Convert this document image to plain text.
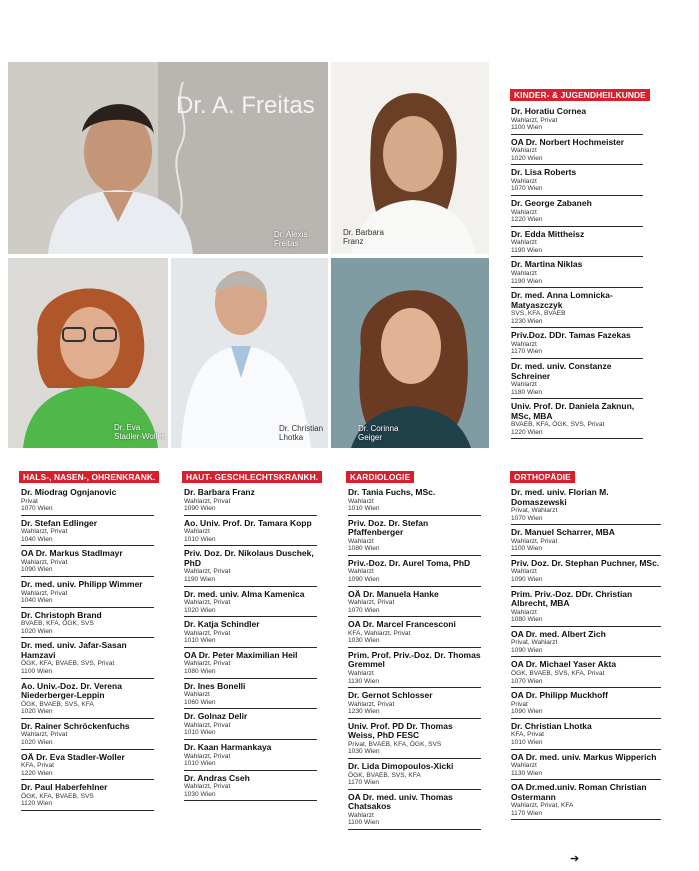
Dr. A. Freitas
Dr. Alexis
Freitas
Dr. Barbara
Franz
Dr. Eva
Stadler-Woller
Dr. Christian
Lhotka
Dr. Corinna
Geiger
KINDER- & JUGENDHEILKUNDE
Dr. Horatiu Cornea
Wahlarzt, Privat
1100 Wien
OA Dr. Norbert Hochmeister
Wahlarzt
1020 Wien
Dr. Lisa Roberts
Wahlarzt
1070 Wien
Dr. George Zabaneh
Wahlarzt
1220 Wien
Dr. Edda Mittheisz
Wahlarzt
1190 Wien
Dr. Martina Niklas
Wahlarzt
1190 Wien
Dr. med. Anna Lomnicka-Matyaszczyk
SVS, KFA, BVAEB
1230 Wien
Priv.Doz. DDr. Tamas Fazekas
Wahlarzt
1170 Wien
Dr. med. univ. Constanze Schreiner
Wahlarzt
1180 Wien
Univ. Prof. Dr. Daniela Zaknun, MSc, MBA
BVAEB, KFA, ÖGK, SVS, Privat
1220 Wien
HALS-, NASEN-, OHRENKRANK.
Dr. Miodrag Ognjanovic
Privat
1070 Wien
Dr. Stefan Edlinger
Wahlarzt, Privat
1040 Wien
OA Dr. Markus Stadlmayr
Wahlarzt, Privat
1090 Wien
Dr. med. univ. Philipp Wimmer
Wahlarzt, Privat
1040 Wien
Dr. Christoph Brand
BVAEB, KFA, ÖGK, SVS
1020 Wien
Dr. med. univ. Jafar-Sasan Hamzavi
ÖGK, KFA, BVAEB, SVS, Privat
1100 Wien
Ao. Univ.-Doz. Dr. Verena Niederberger-Leppin
ÖGK, BVAEB, SVS, KFA
1020 Wien
Dr. Rainer Schröckenfuchs
Wahlarzt, Privat
1020 Wien
OÄ Dr. Eva Stadler-Woller
KFA, Privat
1220 Wien
Dr. Paul Haberfehlner
ÖGK, KFA, BVAEB, SVS
1120 Wien
HAUT- GESCHLECHTSKRANKH.
Dr. Barbara Franz
Wahlarzt, Privat
1090 Wien
Ao. Univ. Prof. Dr. Tamara Kopp
Wahlarzt
1010 Wien
Priv. Doz. Dr. Nikolaus Duschek, PhD
Wahlarzt, Privat
1190 Wien
Dr. med. univ. Alma Kamenica
Wahlarzt, Privat
1020 Wien
Dr. Katja Schindler
Wahlarzt, Privat
1010 Wien
OA Dr. Peter Maximilian Heil
Wahlarzt, Privat
1080 Wien
Dr. Ines Bonelli
Wahlarzt
1060 Wien
Dr. Golnaz Delir
Wahlarzt, Privat
1010 Wien
Dr. Kaan Harmankaya
Wahlarzt, Privat
1010 Wien
Dr. Andras Cseh
Wahlarzt, Privat
1030 Wien
KARDIOLOGIE
Dr. Tania Fuchs, MSc.
Wahlarzt
1010 Wien
Priv. Doz. Dr. Stefan Pfaffenberger
Wahlarzt
1080 Wien
Priv.-Doz. Dr. Aurel Toma, PhD
Wahlarzt
1090 Wien
OÄ Dr. Manuela Hanke
Wahlarzt, Privat
1070 Wien
OA Dr. Marcel Francesconi
KFA, Wahlarzt, Privat
1030 Wien
Prim. Prof. Priv.-Doz. Dr. Thomas Gremmel
Wahlarzt
1130 Wien
Dr. Gernot Schlosser
Wahlarzt, Privat
1230 Wien
Univ. Prof. PD Dr. Thomas Weiss, PhD FESC
Privat, BVAEB, KFA, ÖGK, SVS
1030 Wien
Dr. Lida Dimopoulos-Xicki
ÖGK, BVAEB, SVS, KFA
1170 Wien
OA Dr. med. univ. Thomas Chatsakos
Wahlarzt
1100 Wien
ORTHOPÄDIE
Dr. med. univ. Florian M. Domaszewski
Privat, Wahlarzt
1070 Wien
Dr. Manuel Scharrer, MBA
Wahlarzt, Privat
1100 Wien
Priv. Doz. Dr. Stephan Puchner, MSc.
Wahlarzt
1090 Wien
Prim. Priv.-Doz. DDr. Christian Albrecht, MBA
Wahlarzt
1080 Wien
OA Dr. med. Albert Zich
Privat, Wahlarzt
1090 Wien
OA Dr. Michael Yaser Akta
ÖGK, BVAEB, SVS, KFA, Privat
1070 Wien
OA Dr. Philipp Muckhoff
Privat
1090 Wien
Dr. Christian Lhotka
KFA, Privat
1010 Wien
OA Dr. med. univ. Markus Wipperich
Wahlarzt
1130 Wien
OA Dr.med.univ. Roman Christian Ostermann
Wahlarzt, Privat, KFA
1170 Wien
➔
